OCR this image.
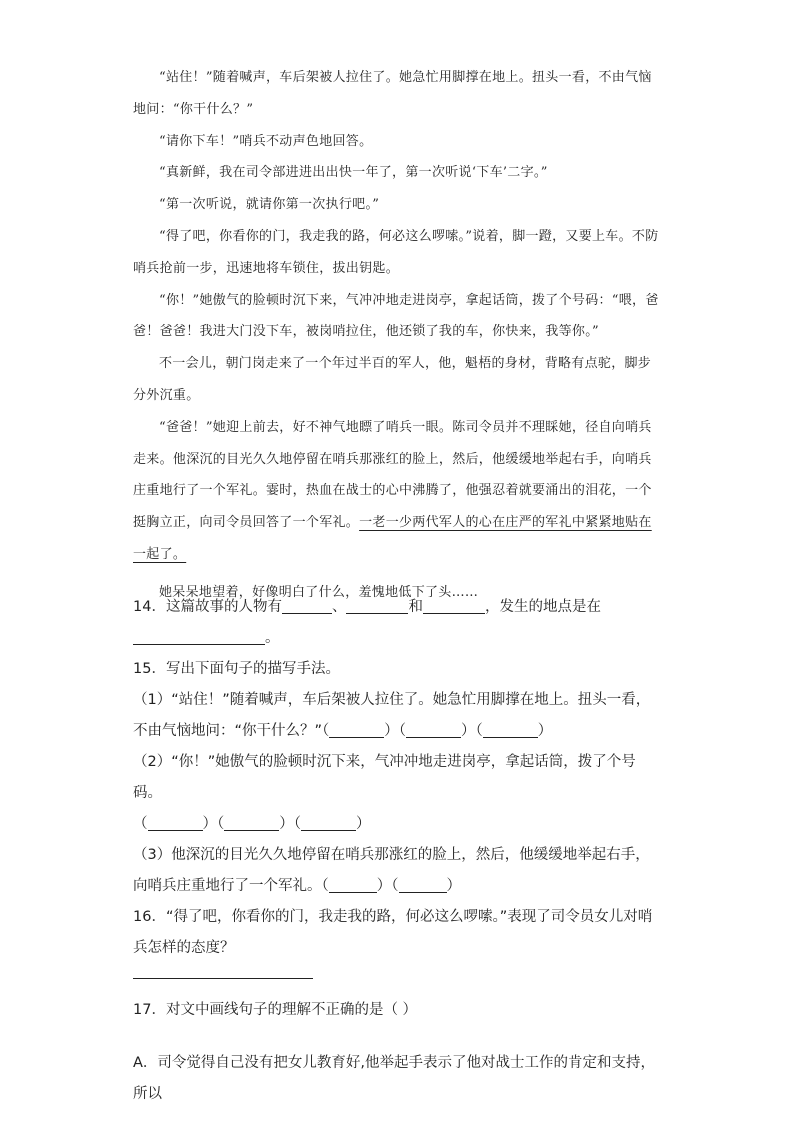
“站住！”随着喊声，车后架被人拉住了。她急忙用脚撑在地上。扭头一看，不由气恼地问：“你干什么？”

“请你下车！”哨兵不动声色地回答。

“真新鲜，我在司令部进进出出快一年了，第一次听说‘下车’二字。”

“第一次听说，就请你第一次执行吧。”

“得了吧，你看你的门，我走我的路，何必这么啰嗦。”说着，脚一蹬，又要上车。不防哨兵抢前一步，迅速地将车锁住，拔出钥匙。

“你！”她傲气的脸顿时沉下来，气冲冲地走进岗亭，拿起话筒，拨了个号码：“喂，爸爸！爸爸！我进大门没下车，被岗哨拉住，他还锁了我的车，你快来，我等你。”

不一会儿，朝门岗走来了一个年过半百的军人，他，魁梧的身材，背略有点驼，脚步分外沉重。

“爸爸！”她迎上前去，好不神气地瞟了哨兵一眼。陈司令员并不理睬她，径自向哨兵走来。他深沉的目光久久地停留在哨兵那涨红的脸上，然后，他缓缓地举起右手，向哨兵庄重地行了一个军礼。霎时，热血在战士的心中沸腾了，他强忍着就要涌出的泪花，一个挺胸立正，向司令员回答了一个军礼。一老一少两代军人的心在庄严的军礼中紧紧地贴在一起了。

她呆呆地望着，好像明白了什么，羞愧地低下了头……

14．这篇故事的人物有	、	和	，发生的地点是在

。

15．写出下面句子的描写手法。

（1）“站住！”随着喊声，车后架被人拉住了。她急忙用脚撑在地上。扭头一看，不由气恼地问：“你干什么？”（	）（	）（	）

（2）“你！”她傲气的脸顿时沉下来，气冲冲地走进岗亭，拿起话筒，拨了个号码。
（	）（	）（	）

（3）他深沉的目光久久地停留在哨兵那涨红的脸上，然后，他缓缓地举起右手，向哨兵庄重地行了一个军礼。（	）（	）

16．“得了吧，你看你的门，我走我的路，何必这么啰嗦。”表现了司令员女儿对哨兵怎样的态度？

17．对文中画线句子的理解不正确的是（ ）

A．司令觉得自己没有把女儿教育好,他举起手表示了他对战士工作的肯定和支持，所以
